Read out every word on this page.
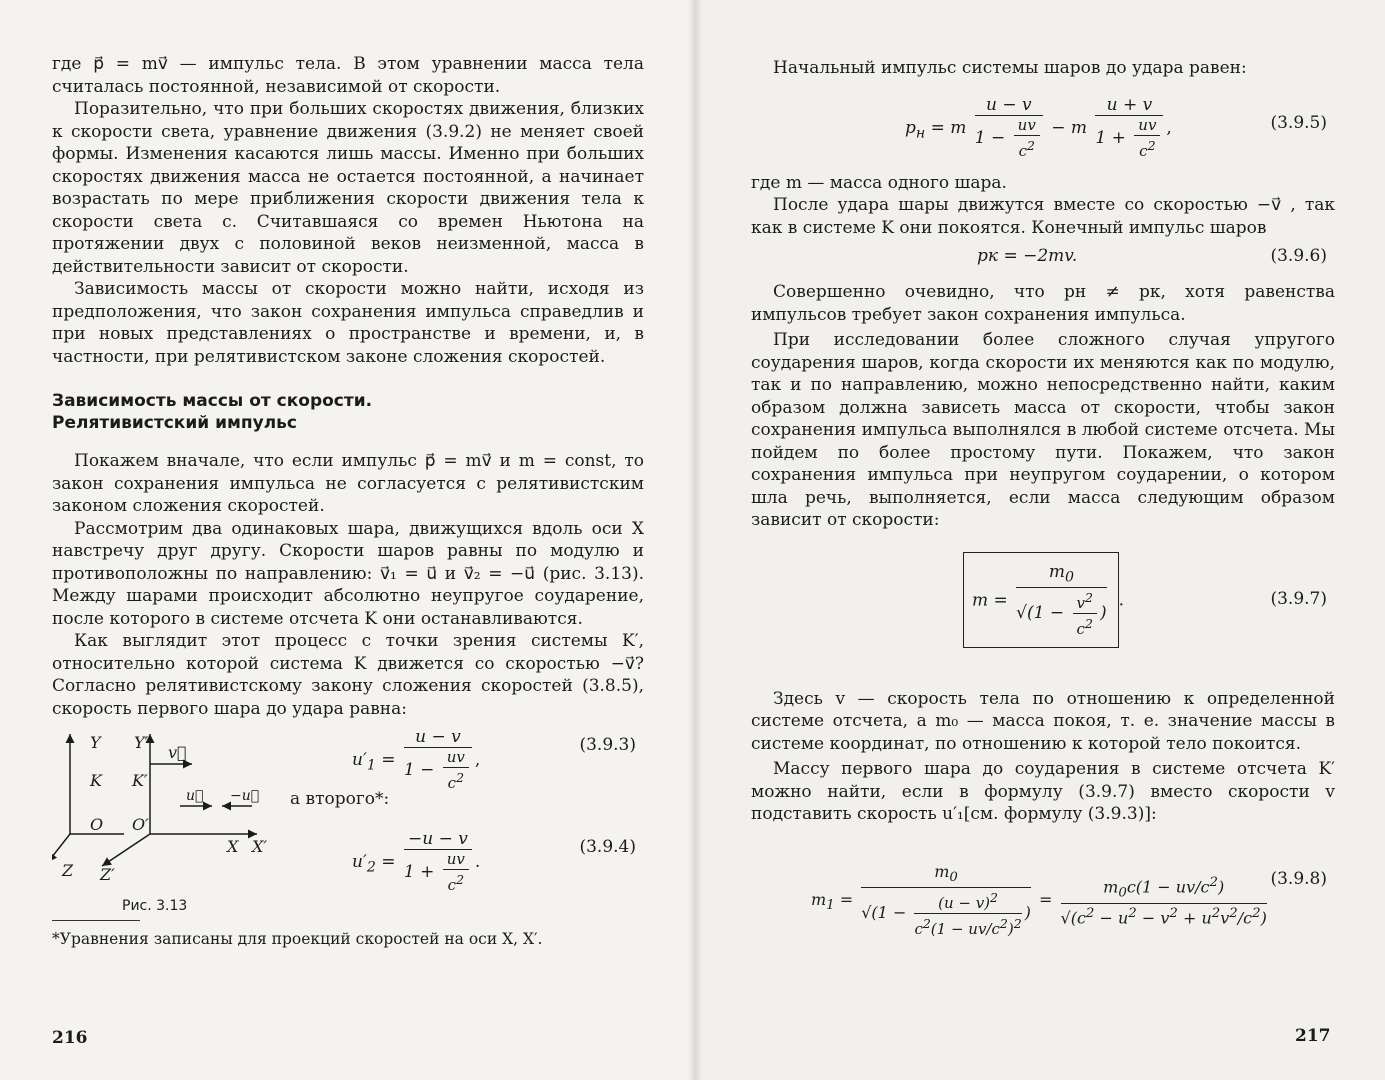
где p⃗ = mv⃗ — импульс тела. В этом уравнении масса тела считалась постоянной, независимой от скорости.

Поразительно, что при больших скоростях движения, близких к скорости света, уравнение движения (3.9.2) не меняет своей формы. Изменения касаются лишь массы. Именно при больших скоростях движения масса не остается постоянной, а начинает возрастать по мере приближения скорости движения тела к скорости света c. Считавшаяся со времен Ньютона на протяжении двух с половиной веков неизменной, масса в действительности зависит от скорости.

Зависимость массы от скорости можно найти, исходя из предположения, что закон сохранения импульса справедлив и при новых представлениях о пространстве и времени, и, в частности, при релятивистском законе сложения скоростей.

Зависимость массы от скорости.
Релятивистский импульс

Покажем вначале, что если импульс p⃗ = mv⃗ и m = const, то закон сохранения импульса не согласуется с релятивистским законом сложения скоростей.

Рассмотрим два одинаковых шара, движущихся вдоль оси X навстречу друг другу. Скорости шаров равны по модулю и противоположны по направлению: v⃗₁ = u⃗ и v⃗₂ = −u⃗ (рис. 3.13). Между шарами происходит абсолютно неупругое соударение, после которого в системе отсчета K они останавливаются.

Как выглядит этот процесс с точки зрения системы K′, относительно которой система K движется со скоростью −v⃗? Согласно релятивистскому закону сложения скоростей (3.8.5), скорость первого шара до удара равна:

Y Y′
K K′
O O′
X X′
Z Z′
v⃗
u⃗ −u⃗
Рис. 3.13
а второго*:
$u'_1 = \frac{u - v}{1 - \frac{uv}{c^2}}$ ,
(3.9.3)
$u'_2 = \frac{-u - v}{1 + \frac{uv}{c^2}}$ .
(3.9.4)

*Уравнения записаны для проекций скоростей на оси X, X′.

216

Начальный импульс системы шаров до удара равен:

$p_н = m \frac{u - v}{1 - \frac{uv}{c^2}} - m \frac{u + v}{1 + \frac{uv}{c^2}}$ ,	(3.9.5)

где m — масса одного шара.

После удара шары движутся вместе со скоростью −v⃗ , так как в системе K они покоятся. Конечный импульс шаров

pк = −2mv.	(3.9.6)

Совершенно очевидно, что pн ≠ pк, хотя равенства импульсов требует закон сохранения импульса.

При исследовании более сложного случая упругого соударения шаров, когда скорости их меняются как по модулю, так и по направлению, можно непосредственно найти, каким образом должна зависеть масса от скорости, чтобы закон сохранения импульса выполнялся в любой системе отсчета. Мы пойдем по более простому пути. Покажем, что закон сохранения импульса при неупругом соударении, о котором шла речь, выполняется, если масса следующим образом зависит от скорости:

$m = \frac{m_0}{√(1 - \frac{v^2}{c^2} )}$ .	(3.9.7)

Здесь v — скорость тела по отношению к определенной системе отсчета, а m₀ — масса покоя, т. е. значение массы в системе координат, по отношению к которой тело покоится.

Массу первого шара до соударения в системе отсчета K′ можно найти, если в формулу (3.9.7) вместо скорости v подставить скорость u′₁[см. формулу (3.9.3)]:

$m_1 = \frac{m_0}{√(1 - \frac{(u - v)^2}{c^2(1 - uv/c^2)^2} )} = \frac{m_0c(1 - uv/c^2)}{√(c^2 - u^2 - v^2 + u^2v^2/c^2)} (3.9.8)$
217
